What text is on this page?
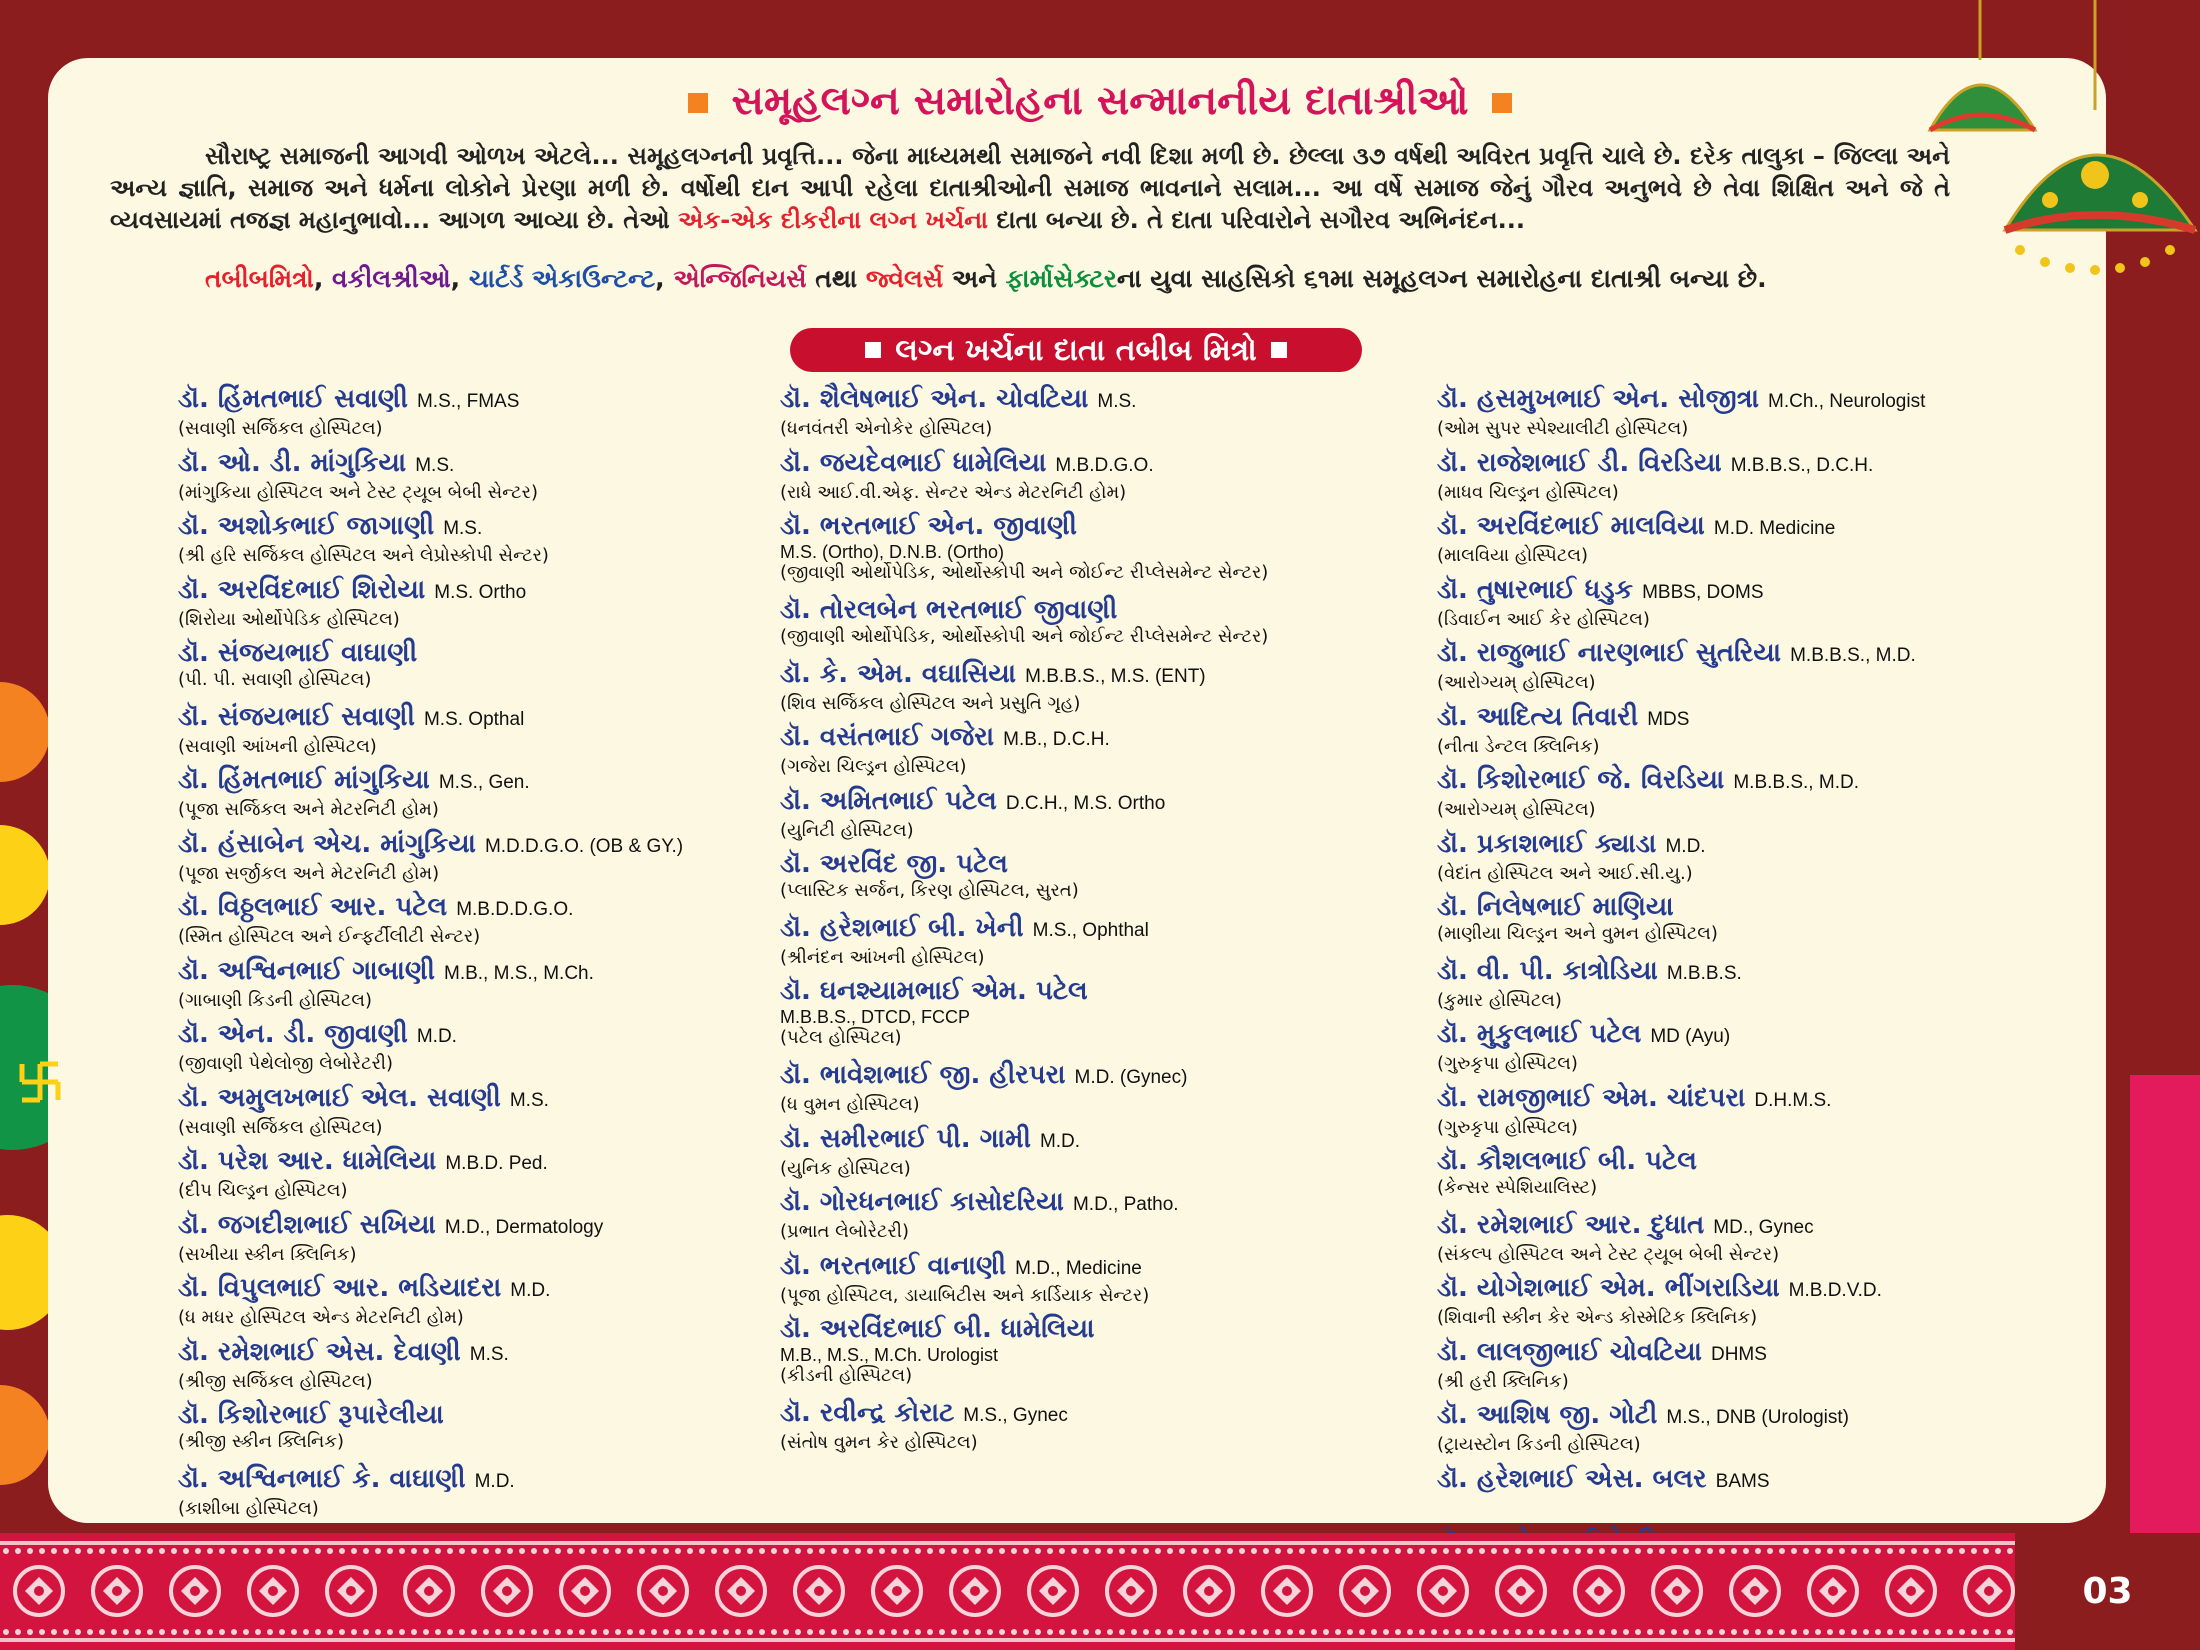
સમૂહલગ્ન સમારોહના સન્માનનીય દાતાશ્રીઓ

સૌરાષ્ટ્ર સમાજની આગવી ઓળખ એટલે... સમૂહલગ્નની પ્રવૃત્તિ... જેના માધ્યમથી સમાજને નવી દિશા મળી છે. છેલ્લા ૩૭ વર્ષથી અવિરત પ્રવૃત્તિ ચાલે છે. દરેક તાલુકા – જિલ્લા અને અન્ય જ્ઞાતિ, સમાજ અને ધર્મના લોકોને પ્રેરણા મળી છે. વર્ષોથી દાન આપી રહેલા દાતાશ્રીઓની સમાજ ભાવનાને સલામ... આ વર્ષે સમાજ જેનું ગૌરવ અનુભવે છે તેવા શિક્ષિત અને જે તે વ્યવસાયમાં તજજ્ઞ મહાનુભાવો... આગળ આવ્યા છે. તેઓ એક-એક દીકરીના લગ્ન ખર્ચના દાતા બન્યા છે. તે દાતા પરિવારોને સગૌરવ અભિનંદન...

તબીબમિત્રો, વકીલશ્રીઓ, ચાર્ટર્ડ એકાઉન્ટન્ટ, એન્જિનિયર્સ તથા જ્વેલર્સ અને ફાર્માસેક્ટરના યુવા સાહસિકો ૬૧મા સમૂહલગ્ન સમારોહના દાતાશ્રી બન્યા છે.
લગ્ન ખર્ચના દાતા તબીબ મિત્રો
ડૉ. હિંમતભાઈ સવાણી M.S., FMAS
(સવાણી સર્જિકલ હોસ્પિટલ)
ડૉ. ઓ. ડી. માંગુકિયા M.S.
(માંગુકિયા હોસ્પિટલ અને ટેસ્ટ ટ્યૂબ બેબી સેન્ટર)
ડૉ. અશોકભાઈ જાગાણી M.S.
(શ્રી હરિ સર્જિકલ હોસ્પિટલ અને લેપ્રોસ્કોપી સેન્ટર)
ડૉ. અરવિંદભાઈ શિરોયા M.S. Ortho
(શિરોયા ઓર્થોપેડિક હોસ્પિટલ)
ડૉ. સંજયભાઈ વાઘાણી
(પી. પી. સવાણી હોસ્પિટલ)
ડૉ. સંજયભાઈ સવાણી M.S. Opthal
(સવાણી આંખની હોસ્પિટલ)
ડૉ. હિંમતભાઈ માંગુકિયા M.S., Gen.
(પૂજા સર્જિકલ અને મેટરનિટી હોમ)
ડૉ. હંસાબેન એચ. માંગુકિયા M.D.D.G.O. (OB & GY.)
(પૂજા સર્જીકલ અને મેટરનિટી હોમ)
ડૉ. વિઠ્ઠલભાઈ આર. પટેલ M.B.D.D.G.O.
(સ્મિત હોસ્પિટલ અને ઈન્ફર્ટીલીટી સેન્ટર)
ડૉ. અશ્વિનભાઈ ગાબાણી M.B., M.S., M.Ch.
(ગાબાણી કિડની હોસ્પિટલ)
ડૉ. એન. ડી. જીવાણી M.D.
(જીવાણી પેથેલોજી લેબોરેટરી)
ડૉ. અમુલખભાઈ એલ. સવાણી M.S.
(સવાણી સર્જિકલ હોસ્પિટલ)
ડૉ. પરેશ આર. ધામેલિયા M.B.D. Ped.
(દીપ ચિલ્ડ્રન હોસ્પિટલ)
ડૉ. જગદીશભાઈ સખિયા M.D., Dermatology
(સખીયા સ્કીન ક્લિનિક)
ડૉ. વિપુલભાઈ આર. ભડિયાદરા M.D.
(ધ મધર હોસ્પિટલ એન્ડ મેટરનિટી હોમ)
ડૉ. રમેશભાઈ એસ. દેવાણી M.S.
(શ્રીજી સર્જિકલ હોસ્પિટલ)
ડૉ. કિશોરભાઈ રૂપારેલીયા
(શ્રીજી સ્કીન ક્લિનિક)
ડૉ. અશ્વિનભાઈ કે. વાઘાણી M.D.
(કાશીબા હોસ્પિટલ)
ડૉ. શૈલેષભાઈ એન. ચોવટિયા M.S.
(ધનવંતરી એનોકેર હોસ્પિટલ)
ડૉ. જયદેવભાઈ ધામેલિયા M.B.D.G.O.
(રાધે આઈ.વી.એફ. સેન્ટર એન્ડ મેટરનિટી હોમ)
ડૉ. ભરતભાઈ એન. જીવાણી
M.S. (Ortho), D.N.B. (Ortho)
(જીવાણી ઓર્થોપેડિક, ઓર્થોસ્કોપી અને જોઈન્ટ રીપ્લેસમેન્ટ સેન્ટર)
ડૉ. તોરલબેન ભરતભાઈ જીવાણી
(જીવાણી ઓર્થોપેડિક, ઓર્થોસ્કોપી અને જોઈન્ટ રીપ્લેસમેન્ટ સેન્ટર)
ડૉ. કે. એમ. વઘાસિયા M.B.B.S., M.S. (ENT)
(શિવ સર્જિકલ હોસ્પિટલ અને પ્રસુતિ ગૃહ)
ડૉ. વસંતભાઈ ગજેરા M.B., D.C.H.
(ગજેરા ચિલ્ડ્રન હોસ્પિટલ)
ડૉ. અમિતભાઈ પટેલ D.C.H., M.S. Ortho
(યુનિટી હોસ્પિટલ)
ડૉ. અરવિંદ જી. પટેલ
(પ્લાસ્ટિક સર્જન, કિરણ હોસ્પિટલ, સુરત)
ડૉ. હરેશભાઈ બી. ખેની M.S., Ophthal
(શ્રીનંદન આંખની હોસ્પિટલ)
ડૉ. ઘનશ્યામભાઈ એમ. પટેલ
M.B.B.S., DTCD, FCCP
(પટેલ હોસ્પિટલ)
ડૉ. ભાવેશભાઈ જી. હીરપરા M.D. (Gynec)
(ધ વુમન હોસ્પિટલ)
ડૉ. સમીરભાઈ પી. ગામી M.D.
(યુનિક હોસ્પિટલ)
ડૉ. ગોરધનભાઈ કાસોદરિયા M.D., Patho.
(પ્રભાત લેબોરેટરી)
ડૉ. ભરતભાઈ વાનાણી M.D., Medicine
(પૂજા હોસ્પિટલ, ડાયાબિટીસ અને કાર્ડિયાક સેન્ટર)
ડૉ. અરવિંદભાઈ બી. ધામેલિયા
M.B., M.S., M.Ch. Urologist
(કીડની હોસ્પિટલ)
ડૉ. રવીન્દ્ર કોરાટ M.S., Gynec
(સંતોષ વુમન કેર હોસ્પિટલ)
ડૉ. હસમુખભાઈ એન. સોજીત્રા M.Ch., Neurologist
(ઓમ સુપર સ્પેશ્યાલીટી હોસ્પિટલ)
ડૉ. રાજેશભાઈ ડી. વિરડિયા M.B.B.S., D.C.H.
(માધવ ચિલ્ડ્રન હોસ્પિટલ)
ડૉ. અરવિંદભાઈ માલવિયા M.D. Medicine
(માલવિયા હોસ્પિટલ)
ડૉ. તુષારભાઈ ધડુક MBBS, DOMS
(ડિવાઈન આઈ કેર હોસ્પિટલ)
ડૉ. રાજુભાઈ નારણભાઈ સુતરિયા M.B.B.S., M.D.
(આરોગ્યમ્ હોસ્પિટલ)
ડૉ. આદિત્ય તિવારી MDS
(નીતા ડેન્ટલ ક્લિનિક)
ડૉ. કિશોરભાઈ જે. વિરડિયા M.B.B.S., M.D.
(આરોગ્યમ્ હોસ્પિટલ)
ડૉ. પ્રકાશભાઈ ક્યાડા M.D.
(વેદાંત હોસ્પિટલ અને આઈ.સી.યુ.)
ડૉ. નિલેષભાઈ માણિયા
(માણીયા ચિલ્ડ્રન અને વુમન હોસ્પિટલ)
ડૉ. વી. પી. કાત્રોડિયા M.B.B.S.
(કુમાર હોસ્પિટલ)
ડૉ. મુકુલભાઈ પટેલ MD (Ayu)
(ગુરુકૃપા હોસ્પિટલ)
ડૉ. રામજીભાઈ એમ. ચાંદપરા D.H.M.S.
(ગુરુકૃપા હોસ્પિટલ)
ડૉ. કૌશલભાઈ બી. પટેલ
(કેન્સર સ્પેશિયાલિસ્ટ)
ડૉ. રમેશભાઈ આર. દુધાત MD., Gynec
(સંકલ્પ હોસ્પિટલ અને ટેસ્ટ ટ્યૂબ બેબી સેન્ટર)
ડૉ. યોગેશભાઈ એમ. ભીંગરાડિયા M.B.D.V.D.
(શિવાની સ્કીન કેર એન્ડ કોસ્મેટિક ક્લિનિક)
ડૉ. લાલજીભાઈ ચોવટિયા DHMS
(શ્રી હરી ક્લિનિક)
ડૉ. આશિષ જી. ગોટી M.S., DNB (Urologist)
(ટ્રાયસ્ટોન કિડની હોસ્પિટલ)
ડૉ. હરેશભાઈ એસ. બલર BAMS
03
